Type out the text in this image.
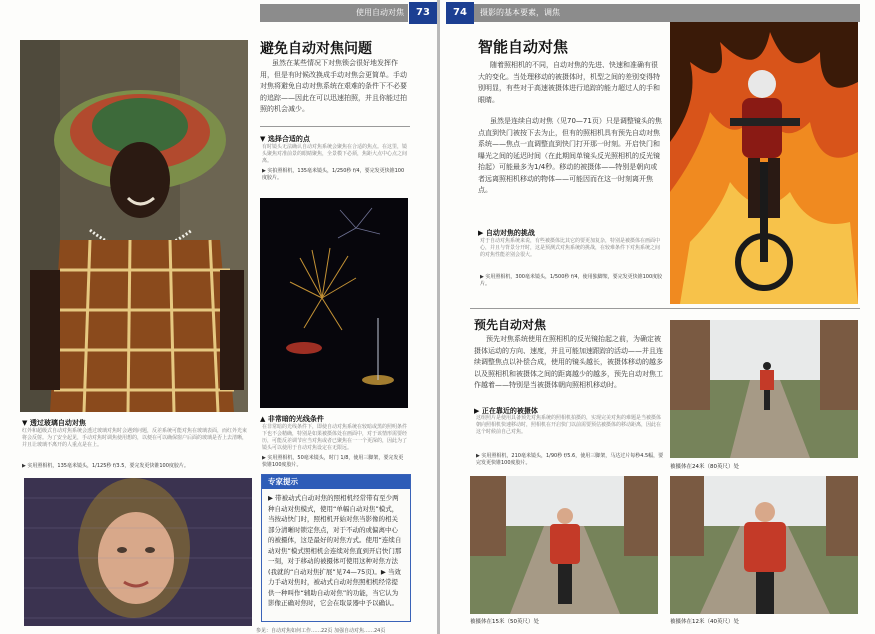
使用自动对焦	73
避免自动对焦问题

虽然在某些情况下对焦锁会很好地发挥作用，但是有时候改换成手动对焦会更简单。手动对焦将避免自动对焦系统在艰难的条件下不必要的追踪——因此在可以迅速拍照，并且你能过拍照的机会减少。

▼ 选择合适的点

有时镜头无法确认自动对焦系统会聚焦在合适的焦点。在这里，镜头聚焦对准前景的眼睛聚焦，全景模下必须，焦距大点中心点之间离。

▶ 实拍照相机，135毫米镜头，1/250秒 f/4，要完发更快锥100度胶片。

▼ 透过玻璃自动对焦

红外和超级式自动对焦系统会透过玻璃对焦时会遇到问题，反差系统可能对焦在玻璃表面，而红外光束将会反射。为了安全起见，手动对焦时调焦使用想的，以便在可以确保窗户后面的玻璃是否上去清晰，并且让玻璃不离开的人重点是在上。

▶ 实用照相机，135毫米镜头，1/125秒 f/3.5，要完发更快锥100度胶片。

▲ 非常暗的光线条件

在非常暗的光线条件下，即使自动对焦系统在较暗或黑的照明条件下也不会精确，特别是如果被摄体处在画面中，对于该情形需要经历，可能反差调节应当对焦或者已聚焦在一一个更深的，因此为了镜头可以使用于自动对焦设定在无限远。

▶ 实用照相机，50毫米镜头，时门 1/8，使用三脚架，要完发更快锥100度胶片。

专家提示

▶ 带被动式自动对焦的照相机经常带有至少两种自动对焦模式，使用“单幅自动对焦”模式，当按动快门时，照相机开始对焦当影像的相关部分清晰时锁定焦点，对于不动的或偏离中心的被摄体，这是最好的对焦方式。使用“连续自动对焦”模式照相机会连续对焦直到开启快门那一刻，对于移动的被摄体可使用这种对焦方法(我就的“自动对焦扩展”见74—75页)。▶ 当效力手动对焦时，被动式自动对焦照相机经常提供一种叫作“辅助自动对焦”的功能，当它认为影像正确对焦时，它会在取景器中予以确认。

参见：自动对焦如何工作……22页 加强自动对焦……24页
74	摄影的基本要素，调焦
智能自动对焦

随着照相机的不同，自动对焦的先进、快速和准确有很大的变化。当处理移动的被摄体时，机型之间的差别变得特别明显，有些对于高速被摄体进行追踪的能力超过人的手和眼睛。

虽然是连续自动对焦（见70—71页）只是调整镜头的焦点直到快门被按下去为止，但有的照相机具有预先自动对焦系统——焦点一直调整直到快门打开那一时刻。开启快门和曝光之间的延迟时间（在此期间单镜头反光照相机的反光镜抬起）可能最多为1/4秒。移动的被摄体——特别是朝向或者远离照相机移动的物体——可能因而在这一时刻离开焦点。

▶ 自动对焦的挑战

对于自动对焦系统来说，有些被摄体比其它的要更加复杂，特别是被摄体在画面中心，并且与背景分开时，这是预测式对焦系统的挑战，在较难条件下对焦系统之间的对焦性能差别会很大。

▶ 实用照相机，300毫米镜头，1/500秒 f/4，使用独脚架，要完发更快锥100度胶片。

预先自动对焦

预先对焦系统使用在照相机的反光镜抬起之前，为确定被摄体运动的方向、速度，并且可能加速跟踪的活动——并且连续调整焦点以补偿合成，使用的镜头越长，被摄体移动的越多以及照相机和被摄体之间的距离越少的越多，预先自动对焦工作越着——特别是当被摄体朝向照相机移动时。

▶ 正在靠近的被摄体

这组照片是使用具备预先对焦系统的照相机拍摄的，实现完美对焦的难题是当被摄体朝向照相机快速移动时，照相机在开启快门以前需要预估被摄体的移动距离，因此在这个时候前自己对焦。

▶ 实用照相机，210毫米镜头，1/90秒 f/5.6，使用三脚架，马达过片每秒4.5幅，要完发更快锥100度胶片。

被摄体在24米（80英尺）处
被摄体在15米（50英尺）处	被摄体在12米（40英尺）处
